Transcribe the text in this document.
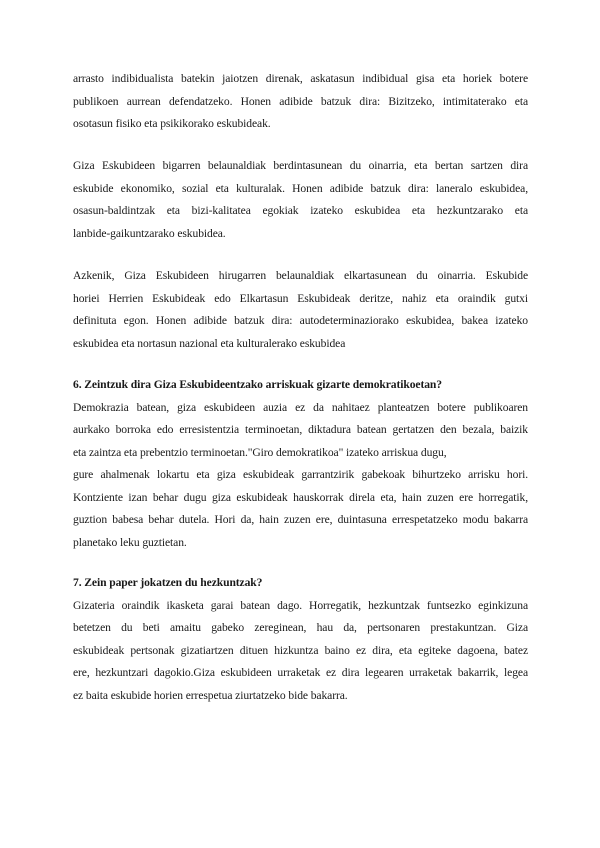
arrasto indibidualista batekin jaiotzen direnak, askatasun indibidual gisa eta horiek botere
publikoen aurrean defendatzeko. Honen adibide batzuk dira: Bizitzeko, intimitaterako eta
osotasun fisiko eta psikikorako eskubideak.
Giza Eskubideen bigarren belaunaldiak berdintasunean du oinarria, eta bertan sartzen dira
eskubide ekonomiko, sozial eta kulturalak. Honen adibide batzuk dira: laneralo eskubidea,
osasun-baldintzak eta bizi-kalitatea egokiak izateko eskubidea eta hezkuntzarako eta
lanbide-gaikuntzarako eskubidea.
Azkenik, Giza Eskubideen hirugarren belaunaldiak elkartasunean du oinarria. Eskubide
horiei Herrien Eskubideak edo Elkartasun Eskubideak deritze, nahiz eta oraindik gutxi
definituta egon. Honen adibide batzuk dira: autodeterminaziorako eskubidea, bakea izateko
eskubidea eta nortasun nazional eta kulturalerako eskubidea
6. Zeintzuk dira Giza Eskubideentzako arriskuak gizarte demokratikoetan?
Demokrazia batean, giza eskubideen auzia ez da nahitaez planteatzen botere publikoaren
aurkako borroka edo erresistentzia terminoetan, diktadura batean gertatzen den bezala, baizik
eta zaintza eta prebentzio terminoetan."Giro demokratikoa" izateko arriskua dugu,
gure ahalmenak lokartu eta giza eskubideak garrantzirik gabekoak bihurtzeko arrisku hori.
Kontziente izan behar dugu giza eskubideak hauskorrak direla eta, hain zuzen ere horregatik,
guztion babesa behar dutela. Hori da, hain zuzen ere, duintasuna errespetatzeko modu bakarra
planetako leku guztietan.
7. Zein paper jokatzen du hezkuntzak?
Gizateria oraindik ikasketa garai batean dago. Horregatik, hezkuntzak funtsezko eginkizuna
betetzen du beti amaitu gabeko zereginean, hau da, pertsonaren prestakuntzan. Giza
eskubideak pertsonak gizatiartzen dituen hizkuntza baino ez dira, eta egiteke dagoena, batez
ere, hezkuntzari dagokio.Giza eskubideen urraketak ez dira legearen urraketak bakarrik, legea
ez baita eskubide horien errespetua ziurtatzeko bide bakarra.
